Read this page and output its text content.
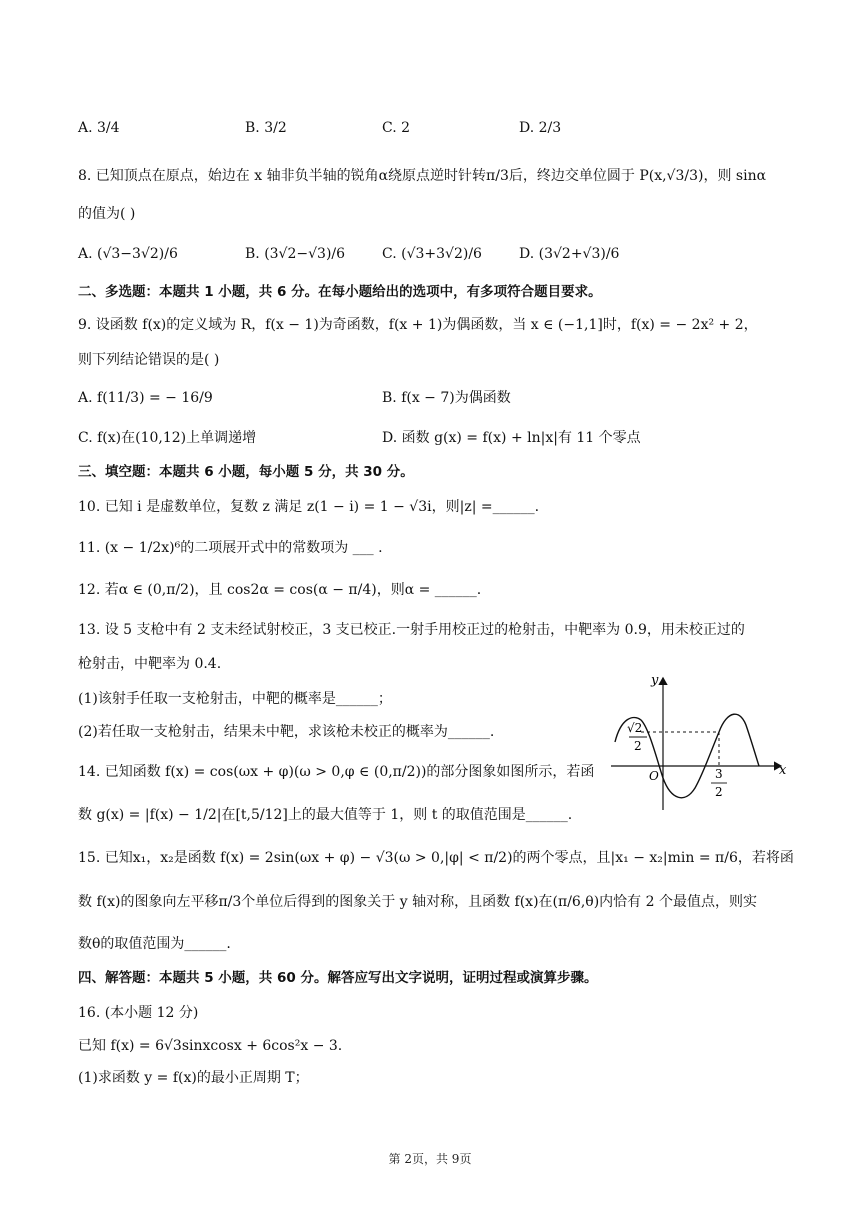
A. 3/4	B. 3/2	C. 2	D. 2/3
8. 已知顶点在原点，始边在 x 轴非负半轴的锐角α绕原点逆时针转π/3后，终边交单位圆于 P(x,√3/3)，则 sinα
的值为( )
A. (√3−3√2)/6	B. (3√2−√3)/6	C. (√3+3√2)/6	D. (3√2+√3)/6
二、多选题：本题共 1 小题，共 6 分。在每小题给出的选项中，有多项符合题目要求。
9. 设函数 f(x)的定义域为 R，f(x − 1)为奇函数，f(x + 1)为偶函数，当 x ∈ (−1,1]时，f(x) = − 2x² + 2，
则下列结论错误的是( )
A. f(11/3) = − 16/9	B. f(x − 7)为偶函数
C. f(x)在(10,12)上单调递增	D. 函数 g(x) = f(x) + ln|x|有 11 个零点
三、填空题：本题共 6 小题，每小题 5 分，共 30 分。
10. 已知 i 是虚数单位，复数 z 满足 z(1 − i) = 1 − √3i，则|z| =______.
11. (x − 1/2x)⁶的二项展开式中的常数项为 ___ .
12. 若α ∈ (0,π/2)，且 cos2α = cos(α − π/4)，则α = ______.
13. 设 5 支枪中有 2 支未经试射校正，3 支已校正.一射手用校正过的枪射击，中靶率为 0.9，用未校正过的
枪射击，中靶率为 0.4.
(1)该射手任取一支枪射击，中靶的概率是______；
(2)若任取一支枪射击，结果未中靶，求该枪未校正的概率为______.
14. 已知函数 f(x) = cos(ωx + φ)(ω > 0,φ ∈ (0,π/2))的部分图象如图所示，若函
数 g(x) = |f(x) − 1/2|在[t,5/12]上的最大值等于 1，则 t 的取值范围是______.
y
x
O
√2
2
3
2
15. 已知x₁，x₂是函数 f(x) = 2sin(ωx + φ) − √3(ω > 0,|φ| < π/2)的两个零点，且|x₁ − x₂|min = π/6，若将函
数 f(x)的图象向左平移π/3个单位后得到的图象关于 y 轴对称，且函数 f(x)在(π/6,θ)内恰有 2 个最值点，则实
数θ的取值范围为______.
四、解答题：本题共 5 小题，共 60 分。解答应写出文字说明，证明过程或演算步骤。
16. (本小题 12 分)
已知 f(x) = 6√3sinxcosx + 6cos²x − 3.
(1)求函数 y = f(x)的最小正周期 T；
第 2页，共 9页
